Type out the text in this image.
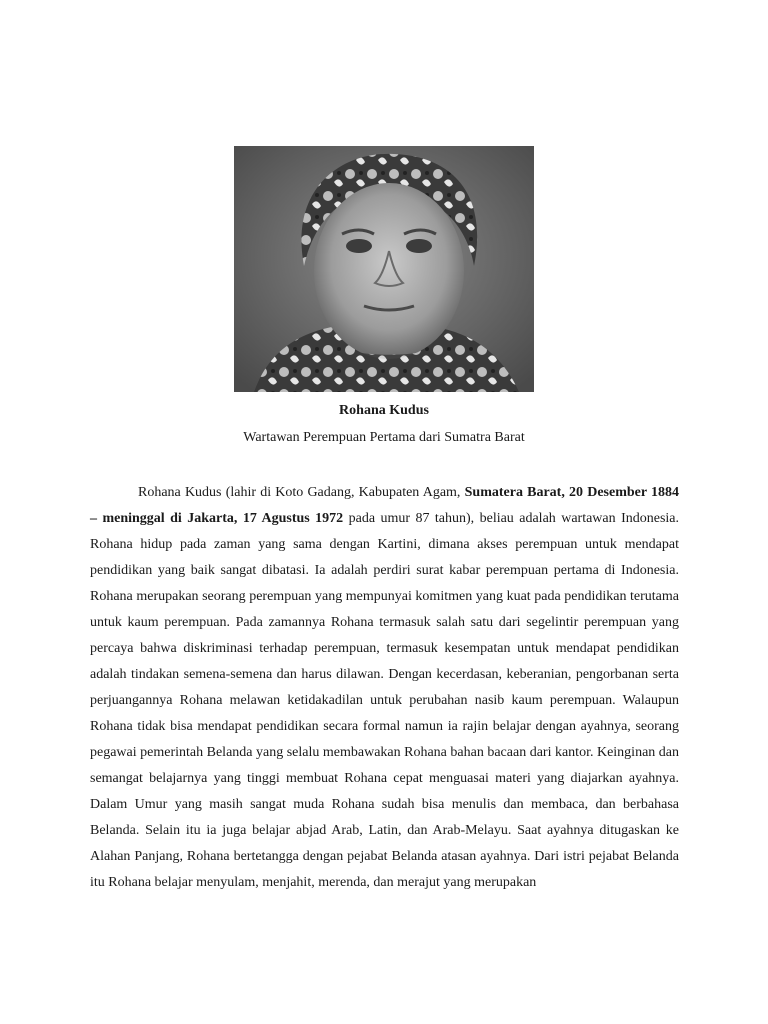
Rohana Kudus
Wartawan Perempuan Pertama dari Sumatra Barat

Rohana Kudus (lahir di Koto Gadang, Kabupaten Agam, Sumatera Barat, 20 Desember 1884 – meninggal di Jakarta, 17 Agustus 1972 pada umur 87 tahun), beliau adalah wartawan Indonesia. Rohana hidup pada zaman yang sama dengan Kartini, dimana akses perempuan untuk mendapat pendidikan yang baik sangat dibatasi. Ia adalah perdiri surat kabar perempuan pertama di Indonesia. Rohana merupakan seorang perempuan yang mempunyai komitmen yang kuat pada pendidikan terutama untuk kaum perempuan. Pada zamannya Rohana termasuk salah satu dari segelintir perempuan yang percaya bahwa diskriminasi terhadap perempuan, termasuk kesempatan untuk mendapat pendidikan adalah tindakan semena-semena dan harus dilawan. Dengan kecerdasan, keberanian, pengorbanan serta perjuangannya Rohana melawan ketidakadilan untuk perubahan nasib kaum perempuan. Walaupun Rohana tidak bisa mendapat pendidikan secara formal namun ia rajin belajar dengan ayahnya, seorang pegawai pemerintah Belanda yang selalu membawakan Rohana bahan bacaan dari kantor. Keinginan dan semangat belajarnya yang tinggi membuat Rohana cepat menguasai materi yang diajarkan ayahnya. Dalam Umur yang masih sangat muda Rohana sudah bisa menulis dan membaca, dan berbahasa Belanda. Selain itu ia juga belajar abjad Arab, Latin, dan Arab-Melayu. Saat ayahnya ditugaskan ke Alahan Panjang, Rohana bertetangga dengan pejabat Belanda atasan ayahnya. Dari istri pejabat Belanda itu Rohana belajar menyulam, menjahit, merenda, dan merajut yang merupakan
